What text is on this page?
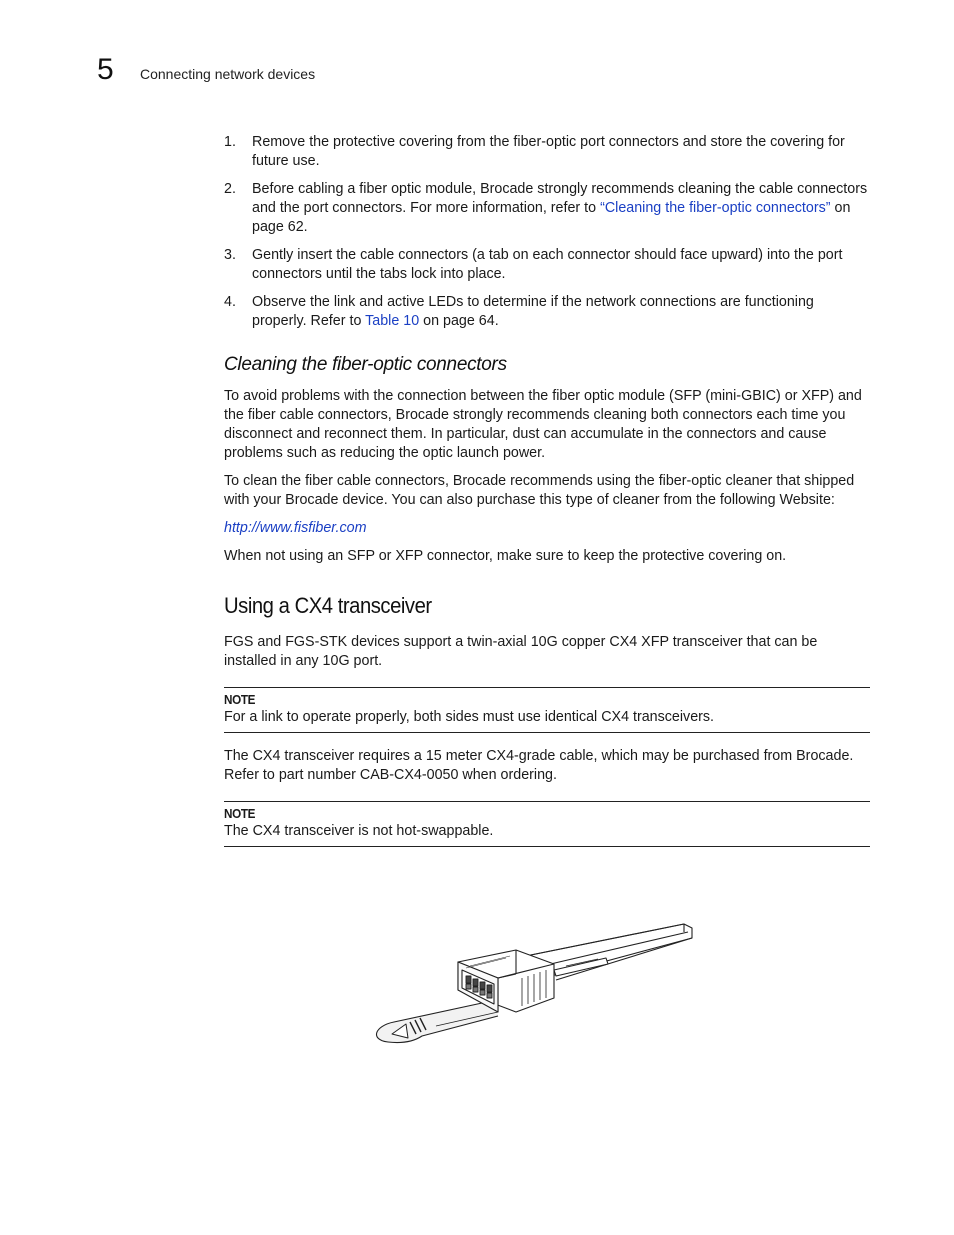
5 Connecting network devices
1.	Remove the protective covering from the fiber-optic port connectors and store the covering for future use.
2.	Before cabling a fiber optic module, Brocade strongly recommends cleaning the cable connectors and the port connectors. For more information, refer to “Cleaning the fiber-optic connectors” on page 62.
3.	Gently insert the cable connectors (a tab on each connector should face upward) into the port connectors until the tabs lock into place.
4.	Observe the link and active LEDs to determine if the network connections are functioning properly. Refer to Table 10 on page 64.
Cleaning the fiber-optic connectors

To avoid problems with the connection between the fiber optic module (SFP (mini-GBIC) or XFP) and the fiber cable connectors, Brocade strongly recommends cleaning both connectors each time you disconnect and reconnect them. In particular, dust can accumulate in the connectors and cause problems such as reducing the optic launch power.

To clean the fiber cable connectors, Brocade recommends using the fiber-optic cleaner that shipped with your Brocade device. You can also purchase this type of cleaner from the following Website:

http://www.fisfiber.com

When not using an SFP or XFP connector, make sure to keep the protective covering on.

Using a CX4 transceiver

FGS and FGS-STK devices support a twin-axial 10G copper CX4 XFP transceiver that can be installed in any 10G port.

NOTE

For a link to operate properly, both sides must use identical CX4 transceivers.

The CX4 transceiver requires a 15 meter CX4-grade cable, which may be purchased from Brocade. Refer to part number CAB-CX4-0050 when ordering.

NOTE

The CX4 transceiver is not hot-swappable.
